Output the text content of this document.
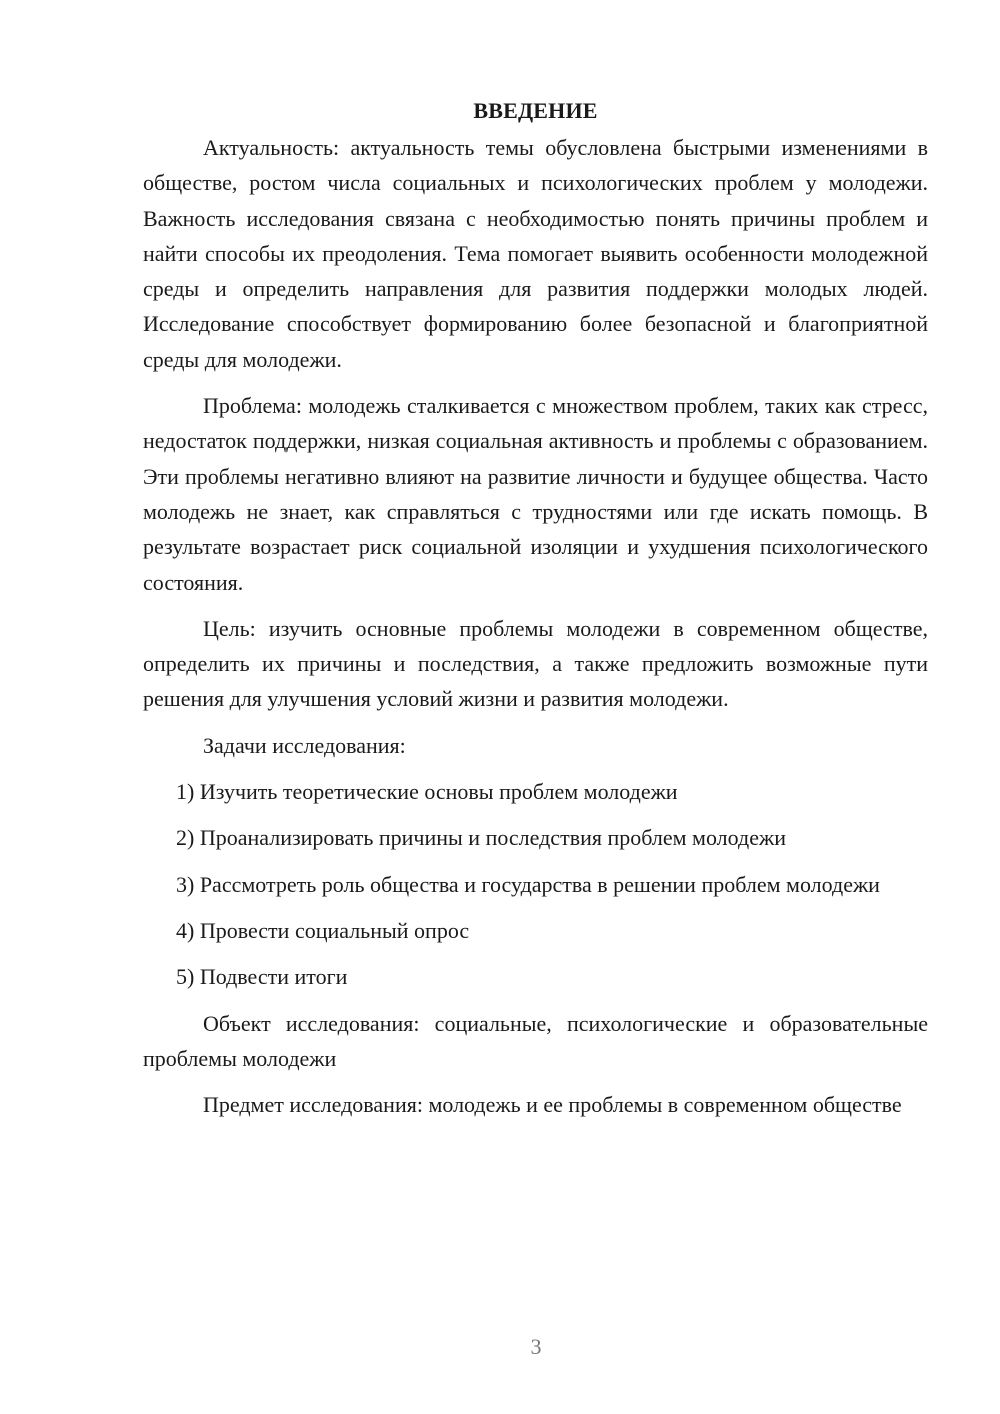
ВВЕДЕНИЕ

Актуальность: актуальность темы обусловлена быстрыми изменениями в обществе, ростом числа социальных и психологических проблем у молодежи. Важность исследования связана с необходимостью понять причины проблем и найти способы их преодоления. Тема помогает выявить особенности молодежной среды и определить направления для развития поддержки молодых людей. Исследование способствует формированию более безопасной и благоприятной среды для молодежи.

Проблема: молодежь сталкивается с множеством проблем, таких как стресс, недостаток поддержки, низкая социальная активность и проблемы с образованием. Эти проблемы негативно влияют на развитие личности и будущее общества. Часто молодежь не знает, как справляться с трудностями или где искать помощь. В результате возрастает риск социальной изоляции и ухудшения психологического состояния.

Цель: изучить основные проблемы молодежи в современном обществе, определить их причины и последствия, а также предложить возможные пути решения для улучшения условий жизни и развития молодежи.

Задачи исследования:

1) Изучить теоретические основы проблем молодежи

2) Проанализировать причины и последствия проблем молодежи

3) Рассмотреть роль общества и государства в решении проблем молодежи

4) Провести социальный опрос

5) Подвести итоги

Объект исследования: социальные, психологические и образовательные проблемы молодежи

Предмет исследования: молодежь и ее проблемы в современном обществе

3
